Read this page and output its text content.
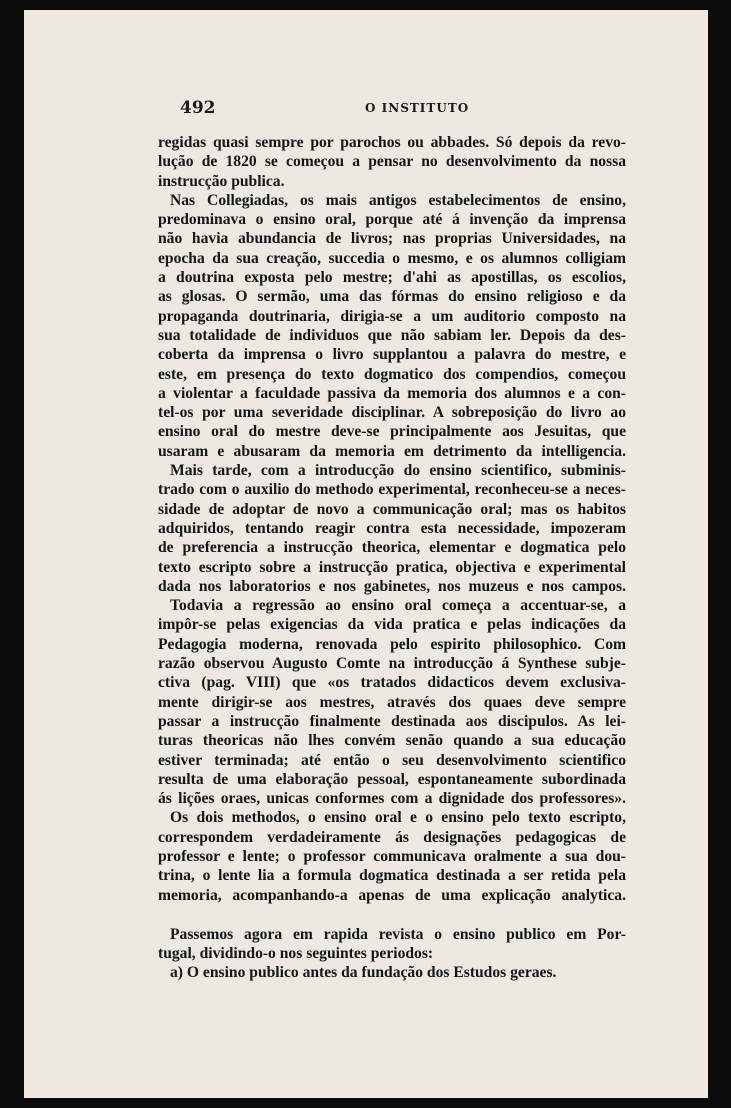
492	O INSTITUTO
regidas quasi sempre por parochos ou abbades. Só depois da revo-
lução de 1820 se começou a pensar no desenvolvimento da nossa
instrucção publica.
Nas Collegiadas, os mais antigos estabelecimentos de ensino,
predominava o ensino oral, porque até á invenção da imprensa
não havia abundancia de livros; nas proprias Universidades, na
epocha da sua creação, succedia o mesmo, e os alumnos colligiam
a doutrina exposta pelo mestre; d'ahi as apostillas, os escolios,
as glosas. O sermão, uma das fórmas do ensino religioso e da
propaganda doutrinaria, dirigia-se a um auditorio composto na
sua totalidade de individuos que não sabiam ler. Depois da des-
coberta da imprensa o livro supplantou a palavra do mestre, e
este, em presença do texto dogmatico dos compendios, começou
a violentar a faculdade passiva da memoria dos alumnos e a con-
tel-os por uma severidade disciplinar. A sobreposição do livro ao
ensino oral do mestre deve-se principalmente aos Jesuitas, que
usaram e abusaram da memoria em detrimento da intelligencia.
Mais tarde, com a introducção do ensino scientifico, subminis-
trado com o auxilio do methodo experimental, reconheceu-se a neces-
sidade de adoptar de novo a communicação oral; mas os habitos
adquiridos, tentando reagir contra esta necessidade, impozeram
de preferencia a instrucção theorica, elementar e dogmatica pelo
texto escripto sobre a instrucção pratica, objectiva e experimental
dada nos laboratorios e nos gabinetes, nos muzeus e nos campos.
Todavia a regressão ao ensino oral começa a accentuar-se, a
impôr-se pelas exigencias da vida pratica e pelas indicações da
Pedagogia moderna, renovada pelo espirito philosophico. Com
razão observou Augusto Comte na introducção á Synthese subje-
ctiva (pag. VIII) que «os tratados didacticos devem exclusiva-
mente dirigir-se aos mestres, através dos quaes deve sempre
passar a instrucção finalmente destinada aos discipulos. As lei-
turas theoricas não lhes convém senão quando a sua educação
estiver terminada; até então o seu desenvolvimento scientifico
resulta de uma elaboração pessoal, espontaneamente subordinada
ás lições oraes, unicas conformes com a dignidade dos professores».
Os dois methodos, o ensino oral e o ensino pelo texto escripto,
correspondem verdadeiramente ás designações pedagogicas de
professor e lente; o professor communicava oralmente a sua dou-
trina, o lente lia a formula dogmatica destinada a ser retida pela
memoria, acompanhando-a apenas de uma explicação analytica.
Passemos agora em rapida revista o ensino publico em Por-
tugal, dividindo-o nos seguintes periodos:
a) O ensino publico antes da fundação dos Estudos geraes.
